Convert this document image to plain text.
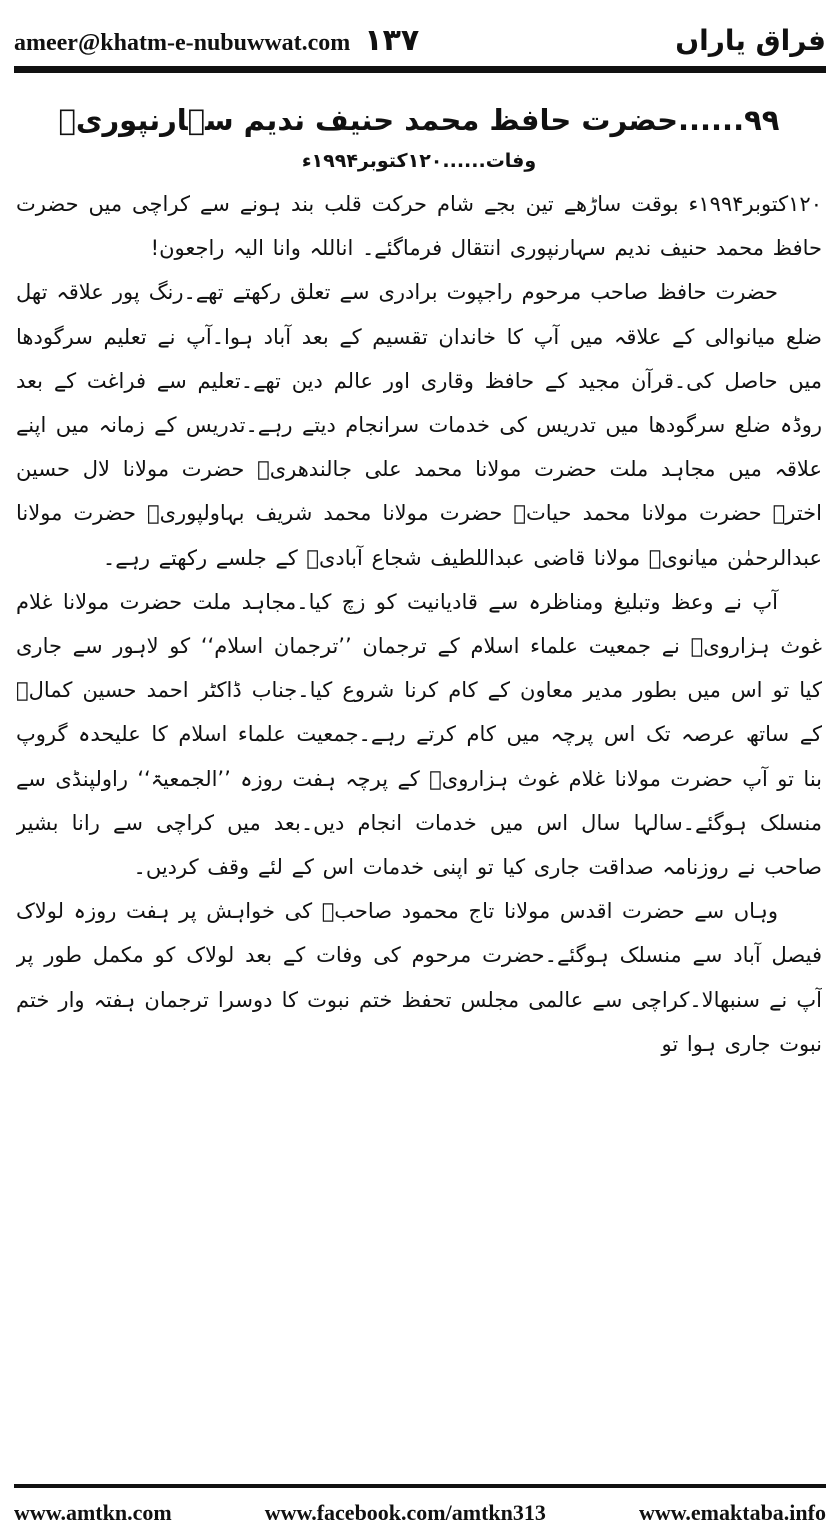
ameer@khatm-e-nubuwwat.com ۱۳۷	فراق یاراں
۹۹......حضرت حافظ محمد حنیف ندیم سہارنپوریؒ
وفات......۱۲۰کتوبر۱۹۹۴ء

۱۲۰کتوبر۱۹۹۴ء بوقت ساڑھے تین بجے شام حرکت قلب بند ہونے سے کراچی میں حضرت حافظ محمد حنیف ندیم سہارنپوری انتقال فرماگئے۔ اناللہ وانا الیہ راجعون!

حضرت حافظ صاحب مرحوم راجپوت برادری سے تعلق رکھتے تھے۔رنگ پور علاقہ تھل ضلع میانوالی کے علاقہ میں آپ کا خاندان تقسیم کے بعد آباد ہوا۔آپ نے تعلیم سرگودھا میں حاصل کی۔قرآن مجید کے حافظ وقاری اور عالم دین تھے۔تعلیم سے فراغت کے بعد روڈہ ضلع سرگودھا میں تدریس کی خدمات سرانجام دیتے رہے۔تدریس کے زمانہ میں اپنے علاقہ میں مجاہد ملت حضرت مولانا محمد علی جالندھریؒ حضرت مولانا لال حسین اخترؒ حضرت مولانا محمد حیاتؒ حضرت مولانا محمد شریف بہاولپوریؒ حضرت مولانا عبدالرحمٰن میانویؒ مولانا قاضی عبداللطیف شجاع آبادیؒ کے جلسے رکھتے رہے۔

آپ نے وعظ وتبلیغ ومناظرہ سے قادیانیت کو زچ کیا۔مجاہد ملت حضرت مولانا غلام غوث ہزارویؒ نے جمعیت علماء اسلام کے ترجمان ’’ترجمان اسلام‘‘ کو لاہور سے جاری کیا تو اس میں بطور مدیر معاون کے کام کرنا شروع کیا۔جناب ڈاکٹر احمد حسین کمالؒ کے ساتھ عرصہ تک اس پرچہ میں کام کرتے رہے۔جمعیت علماء اسلام کا علیحدہ گروپ بنا تو آپ حضرت مولانا غلام غوث ہزارویؒ کے پرچہ ہفت روزہ ’’الجمعیۃ‘‘ راولپنڈی سے منسلک ہوگئے۔سالہا سال اس میں خدمات انجام دیں۔بعد میں کراچی سے رانا بشیر صاحب نے روزنامہ صداقت جاری کیا تو اپنی خدمات اس کے لئے وقف کردیں۔

وہاں سے حضرت اقدس مولانا تاج محمود صاحبؒ کی خواہش پر ہفت روزہ لولاک فیصل آباد سے منسلک ہوگئے۔حضرت مرحوم کی وفات کے بعد لولاک کو مکمل طور پر آپ نے سنبھالا۔کراچی سے عالمی مجلس تحفظ ختم نبوت کا دوسرا ترجمان ہفتہ وار ختم نبوت جاری ہوا تو

www.amtkn.com	www.facebook.com/amtkn313	www.emaktaba.info
